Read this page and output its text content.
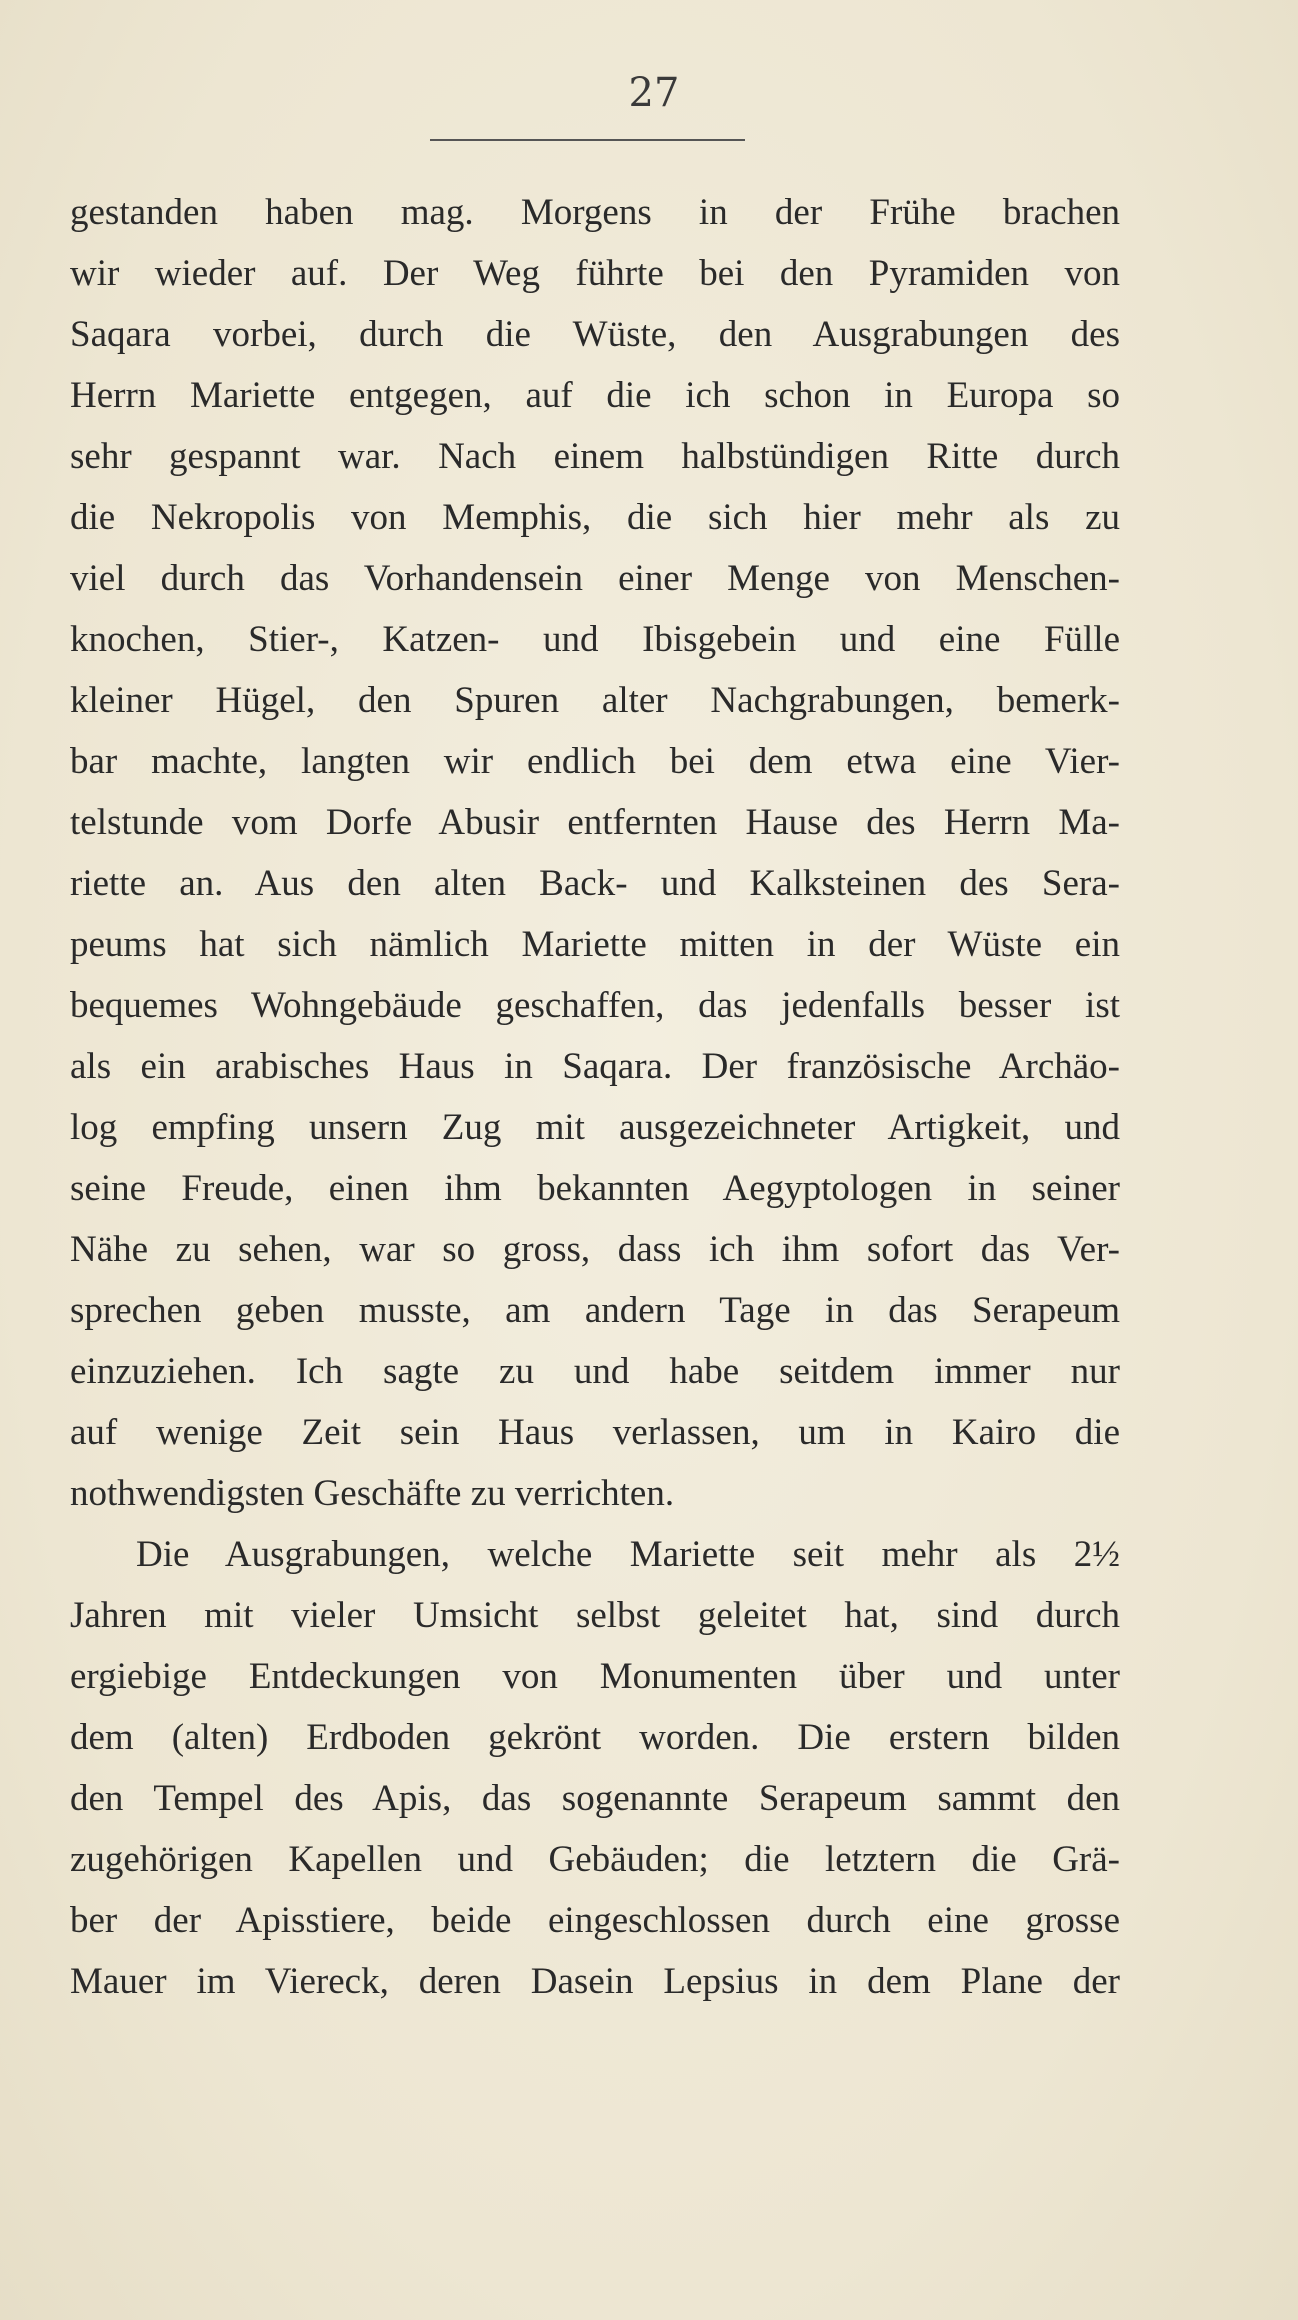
27
gestanden haben mag. Morgens in der Frühe brachen
wir wieder auf. Der Weg führte bei den Pyramiden von
Saqara vorbei, durch die Wüste, den Ausgrabungen des
Herrn Mariette entgegen, auf die ich schon in Europa so
sehr gespannt war. Nach einem halbstündigen Ritte durch
die Nekropolis von Memphis, die sich hier mehr als zu
viel durch das Vorhandensein einer Menge von Menschen-
knochen, Stier-, Katzen- und Ibisgebein und eine Fülle
kleiner Hügel, den Spuren alter Nachgrabungen, bemerk-
bar machte, langten wir endlich bei dem etwa eine Vier-
telstunde vom Dorfe Abusir entfernten Hause des Herrn Ma-
riette an. Aus den alten Back- und Kalksteinen des Sera-
peums hat sich nämlich Mariette mitten in der Wüste ein
bequemes Wohngebäude geschaffen, das jedenfalls besser ist
als ein arabisches Haus in Saqara. Der französische Archäo-
log empfing unsern Zug mit ausgezeichneter Artigkeit, und
seine Freude, einen ihm bekannten Aegyptologen in seiner
Nähe zu sehen, war so gross, dass ich ihm sofort das Ver-
sprechen geben musste, am andern Tage in das Serapeum
einzuziehen. Ich sagte zu und habe seitdem immer nur
auf wenige Zeit sein Haus verlassen, um in Kairo die
nothwendigsten Geschäfte zu verrichten.
Die Ausgrabungen, welche Mariette seit mehr als 2½
Jahren mit vieler Umsicht selbst geleitet hat, sind durch
ergiebige Entdeckungen von Monumenten über und unter
dem (alten) Erdboden gekrönt worden. Die erstern bilden
den Tempel des Apis, das sogenannte Serapeum sammt den
zugehörigen Kapellen und Gebäuden; die letztern die Grä-
ber der Apisstiere, beide eingeschlossen durch eine grosse
Mauer im Viereck, deren Dasein Lepsius in dem Plane der
